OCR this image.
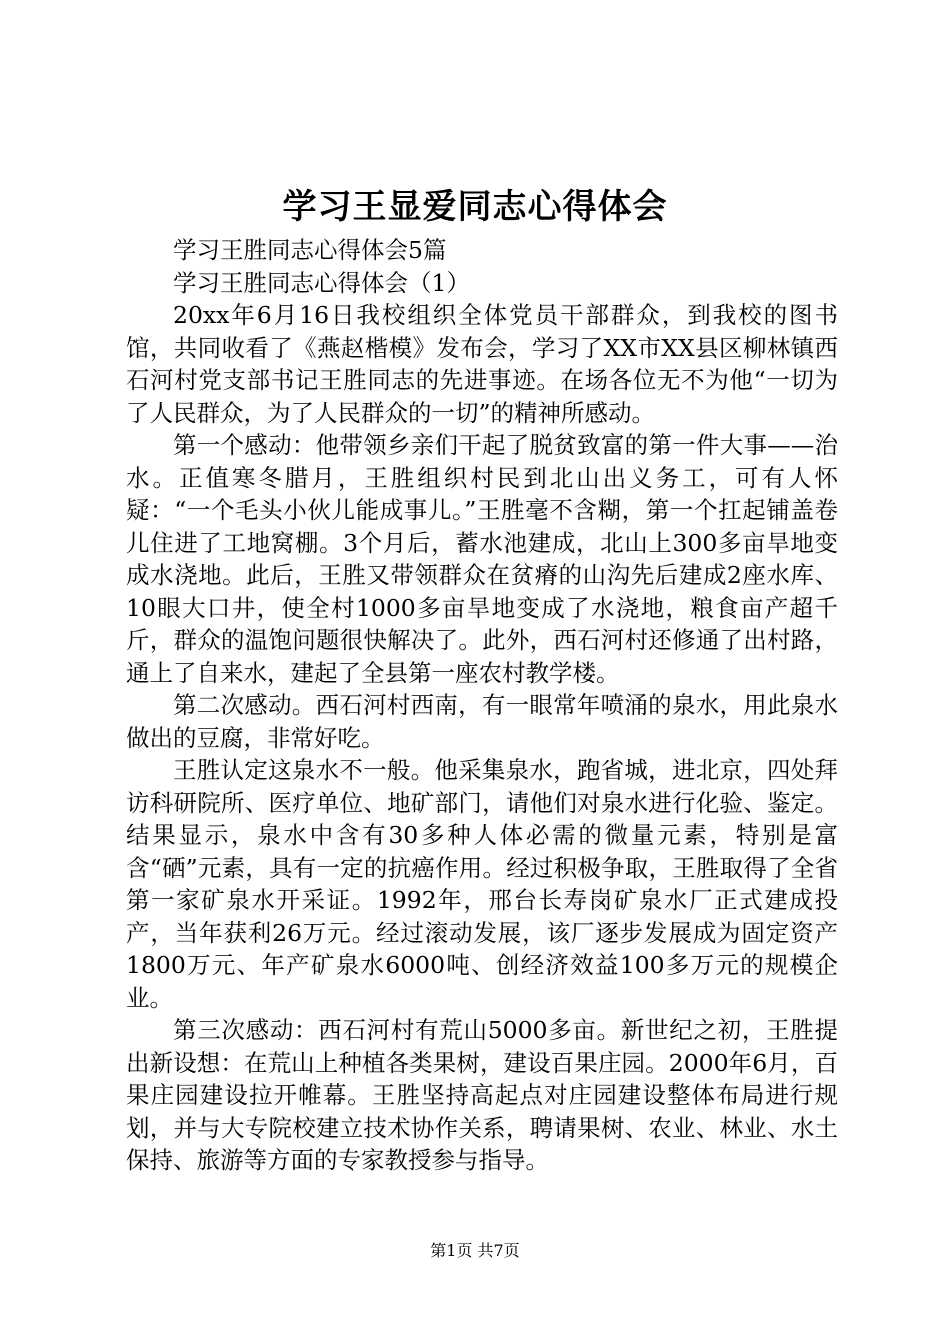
学习王显爱同志心得体会

学习王胜同志心得体会5篇

学习王胜同志心得体会（1）

20xx年6月16日我校组织全体党员干部群众，到我校的图书馆，共同收看了《燕赵楷模》发布会，学习了XX市XX县区柳林镇西石河村党支部书记王胜同志的先进事迹。在场各位无不为他“一切为了人民群众，为了人民群众的一切”的精神所感动。

第一个感动：他带领乡亲们干起了脱贫致富的第一件大事——治水。正值寒冬腊月，王胜组织村民到北山出义务工，可有人怀疑：“一个毛头小伙儿能成事儿。”王胜毫不含糊，第一个扛起铺盖卷儿住进了工地窝棚。3个月后，蓄水池建成，北山上300多亩旱地变成水浇地。此后，王胜又带领群众在贫瘠的山沟先后建成2座水库、10眼大口井，使全村1000多亩旱地变成了水浇地，粮食亩产超千斤，群众的温饱问题很快解决了。此外，西石河村还修通了出村路，通上了自来水，建起了全县第一座农村教学楼。

第二次感动。西石河村西南，有一眼常年喷涌的泉水，用此泉水做出的豆腐，非常好吃。

王胜认定这泉水不一般。他采集泉水，跑省城，进北京，四处拜访科研院所、医疗单位、地矿部门，请他们对泉水进行化验、鉴定。结果显示，泉水中含有30多种人体必需的微量元素，特别是富含“硒”元素，具有一定的抗癌作用。经过积极争取，王胜取得了全省第一家矿泉水开采证。1992年，邢台长寿岗矿泉水厂正式建成投产，当年获利26万元。经过滚动发展，该厂逐步发展成为固定资产1800万元、年产矿泉水6000吨、创经济效益100多万元的规模企业。

第三次感动：西石河村有荒山5000多亩。新世纪之初，王胜提出新设想：在荒山上种植各类果树，建设百果庄园。2000年6月，百果庄园建设拉开帷幕。王胜坚持高起点对庄园建设整体布局进行规划，并与大专院校建立技术协作关系，聘请果树、农业、林业、水土保持、旅游等方面的专家教授参与指导。

第1页 共7页
